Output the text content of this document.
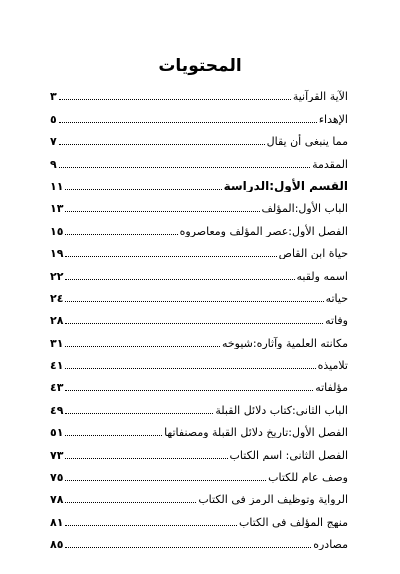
المحتويات
الآية القرآنية
٣
الإهداء
٥
مما ينبغي أن يقال
٧
المقدمة
٩
القسم الأول:الدراسة
١١
الباب الأول:المؤلف
١٣
الفصل الأول:عصر المؤلف ومعاصروه
١٥
حياة ابن القاص
١٩
اسمه ولقبه
٢٢
حياته
٢٤
وفاته
٢٨
مكانته العلمية وآثاره:شيوخه
٣١
تلاميذه
٤١
مؤلفاته
٤٣
الباب الثاني:كتاب دلائل القبلة
٤٩
الفصل الأول:تاريخ دلائل القبلة ومصنفاتها
٥١
الفصل الثاني: اسم الكتاب
٧٣
وصف عام للكتاب
٧٥
الرواية وتوظيف الرمز في الكتاب
٧٨
منهج المؤلف في الكتاب
٨١
مصادره
٨٥
